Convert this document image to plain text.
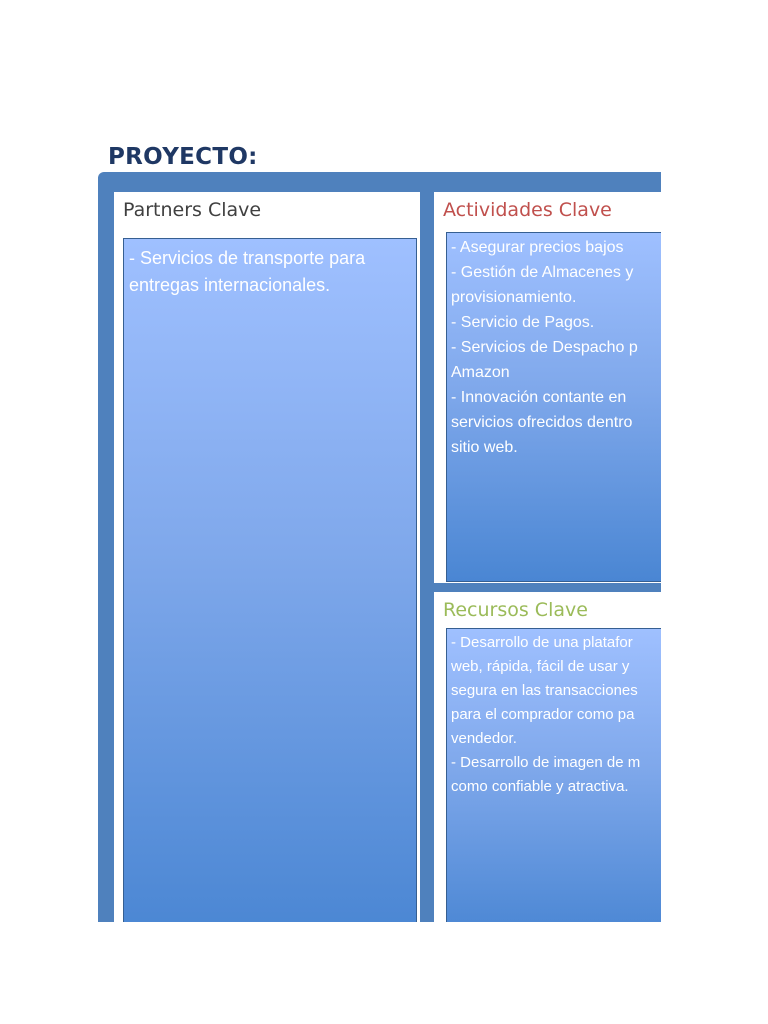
PROYECTO:
Partners Clave
- Servicios de transporte para
entregas internacionales.
Actividades Clave
- Asegurar precios bajos
- Gestión de Almacenes y
provisionamiento.
- Servicio de Pagos.
- Servicios de Despacho p
Amazon
- Innovación contante en
servicios ofrecidos dentro
sitio web.
Recursos Clave
- Desarrollo de una platafor
web, rápida, fácil de usar y
segura en las transacciones
para el comprador como pa
vendedor.
- Desarrollo de imagen de m
como confiable y atractiva.
